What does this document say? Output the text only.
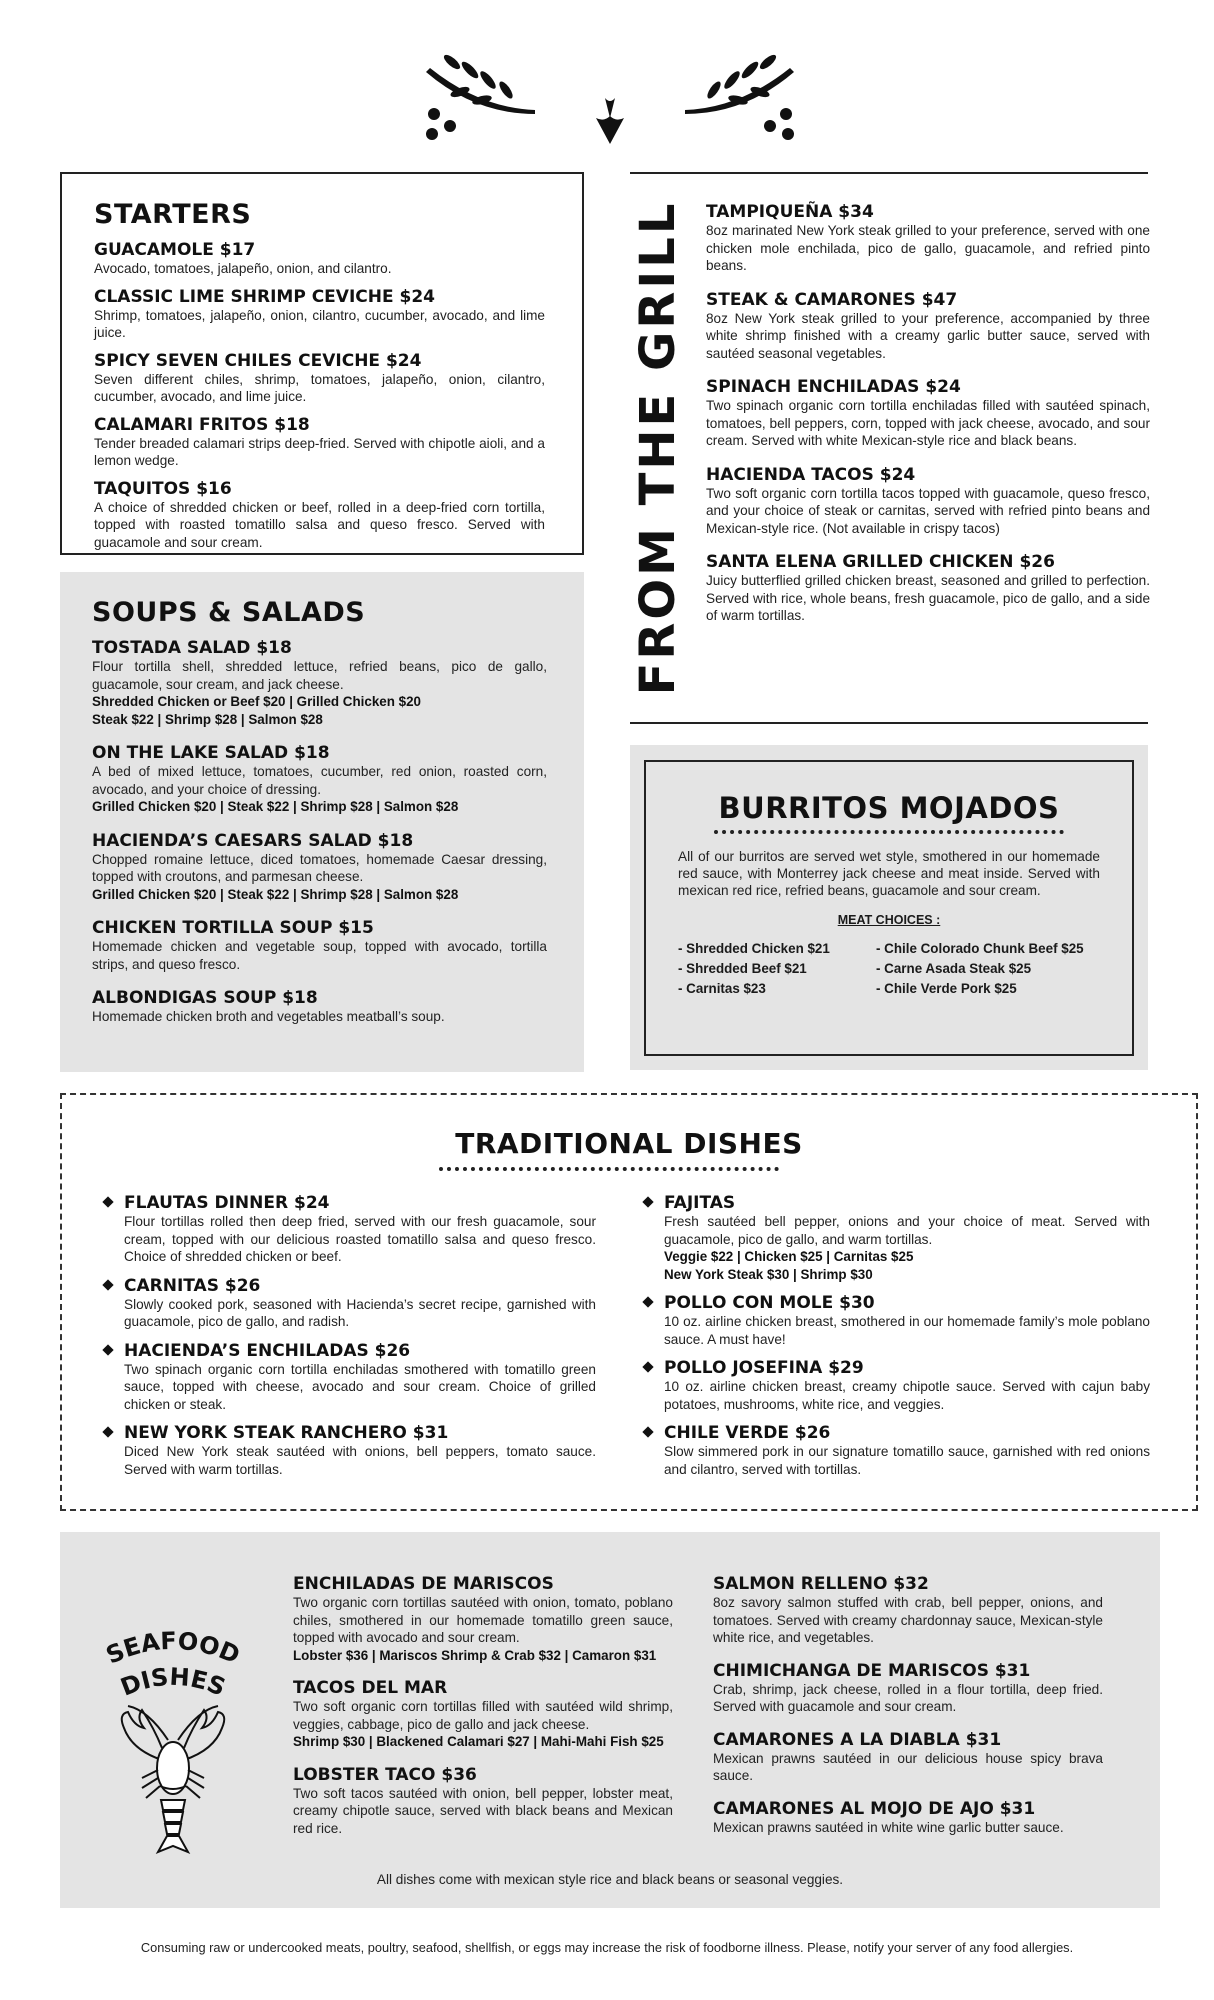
STARTERS
GUACAMOLE $17
Avocado, tomatoes, jalapeño, onion, and cilantro.
CLASSIC LIME SHRIMP CEVICHE $24
Shrimp, tomatoes, jalapeño, onion, cilantro, cucumber, avocado, and lime juice.
SPICY SEVEN CHILES CEVICHE $24
Seven different chiles, shrimp, tomatoes, jalapeño, onion, cilantro, cucumber, avocado, and lime juice.
CALAMARI FRITOS $18
Tender breaded calamari strips deep-fried. Served with chipotle aioli, and a lemon wedge.
TAQUITOS $16
A choice of shredded chicken or beef, rolled in a deep-fried corn tortilla, topped with roasted tomatillo salsa and queso fresco. Served with guacamole and sour cream.
SOUPS & SALADS
TOSTADA SALAD $18
Flour tortilla shell, shredded lettuce, refried beans, pico de gallo, guacamole, sour cream, and jack cheese.
Shredded Chicken or Beef $20 | Grilled Chicken $20
Steak $22 | Shrimp $28 | Salmon $28
ON THE LAKE SALAD $18
A bed of mixed lettuce, tomatoes, cucumber, red onion, roasted corn, avocado, and your choice of dressing.
Grilled Chicken $20 | Steak $22 | Shrimp $28 | Salmon $28
HACIENDA’S CAESARS SALAD $18
Chopped romaine lettuce, diced tomatoes, homemade Caesar dressing, topped with croutons, and parmesan cheese.
Grilled Chicken $20 | Steak $22 | Shrimp $28 | Salmon $28
CHICKEN TORTILLA SOUP $15
Homemade chicken and vegetable soup, topped with avocado, tortilla strips, and queso fresco.
ALBONDIGAS SOUP $18
Homemade chicken broth and vegetables meatball’s soup.
FROM THE GRILL TAMPIQUEÑA $34
8oz marinated New York steak grilled to your preference, served with one chicken mole enchilada, pico de gallo, guacamole, and refried pinto beans.
STEAK & CAMARONES $47
8oz New York steak grilled to your preference, accompanied by three white shrimp finished with a creamy garlic butter sauce, served with sautéed seasonal vegetables.
SPINACH ENCHILADAS $24
Two spinach organic corn tortilla enchiladas filled with sautéed spinach, tomatoes, bell peppers, corn, topped with jack cheese, avocado, and sour cream. Served with white Mexican-style rice and black beans.
HACIENDA TACOS $24
Two soft organic corn tortilla tacos topped with guacamole, queso fresco, and your choice of steak or carnitas, served with refried pinto beans and Mexican-style rice. (Not available in crispy tacos)
SANTA ELENA GRILLED CHICKEN $26
Juicy butterflied grilled chicken breast, seasoned and grilled to perfection. Served with rice, whole beans, fresh guacamole, pico de gallo, and a side of warm tortillas.
BURRITOS MOJADOS
All of our burritos are served wet style, smothered in our homemade red sauce, with Monterrey jack cheese and meat inside. Served with mexican red rice, refried beans, guacamole and sour cream.
MEAT CHOICES :
- Shredded Chicken $21
- Shredded Beef $21
- Carnitas $23
- Chile Colorado Chunk Beef $25
- Carne Asada Steak $25
- Chile Verde Pork $25
TRADITIONAL DISHES
FLAUTAS DINNER $24
Flour tortillas rolled then deep fried, served with our fresh guacamole, sour cream, topped with our delicious roasted tomatillo salsa and queso fresco. Choice of shredded chicken or beef.
CARNITAS $26
Slowly cooked pork, seasoned with Hacienda’s secret recipe, garnished with guacamole, pico de gallo, and radish.
HACIENDA’S ENCHILADAS $26
Two spinach organic corn tortilla enchiladas smothered with tomatillo green sauce, topped with cheese, avocado and sour cream. Choice of grilled chicken or steak.
NEW YORK STEAK RANCHERO $31
Diced New York steak sautéed with onions, bell peppers, tomato sauce. Served with warm tortillas.
FAJITAS
Fresh sautéed bell pepper, onions and your choice of meat. Served with guacamole, pico de gallo, and warm tortillas.
Veggie $22 | Chicken $25 | Carnitas $25
New York Steak $30 | Shrimp $30
POLLO CON MOLE $30
10 oz. airline chicken breast, smothered in our homemade family’s mole poblano sauce. A must have!
POLLO JOSEFINA $29
10 oz. airline chicken breast, creamy chipotle sauce. Served with cajun baby potatoes, mushrooms, white rice, and veggies.
CHILE VERDE $26
Slow simmered pork in our signature tomatillo sauce, garnished with red onions and cilantro, served with tortillas.
SEAFOOD
DISHES
ENCHILADAS DE MARISCOS
Two organic corn tortillas sautéed with onion, tomato, poblano chiles, smothered in our homemade tomatillo green sauce, topped with avocado and sour cream.
Lobster $36 | Mariscos Shrimp & Crab $32 | Camaron $31
TACOS DEL MAR
Two soft organic corn tortillas filled with sautéed wild shrimp, veggies, cabbage, pico de gallo and jack cheese.
Shrimp $30 | Blackened Calamari $27 | Mahi-Mahi Fish $25
LOBSTER TACO $36
Two soft tacos sautéed with onion, bell pepper, lobster meat, creamy chipotle sauce, served with black beans and Mexican red rice.
SALMON RELLENO $32
8oz savory salmon stuffed with crab, bell pepper, onions, and tomatoes. Served with creamy chardonnay sauce, Mexican-style white rice, and vegetables.
CHIMICHANGA DE MARISCOS $31
Crab, shrimp, jack cheese, rolled in a flour tortilla, deep fried. Served with guacamole and sour cream.
CAMARONES A LA DIABLA $31
Mexican prawns sautéed in our delicious house spicy brava sauce.
CAMARONES AL MOJO DE AJO $31
Mexican prawns sautéed in white wine garlic butter sauce.
All dishes come with mexican style rice and black beans or seasonal veggies.
Consuming raw or undercooked meats, poultry, seafood, shellfish, or eggs may increase the risk of foodborne illness. Please, notify your server of any food allergies.
